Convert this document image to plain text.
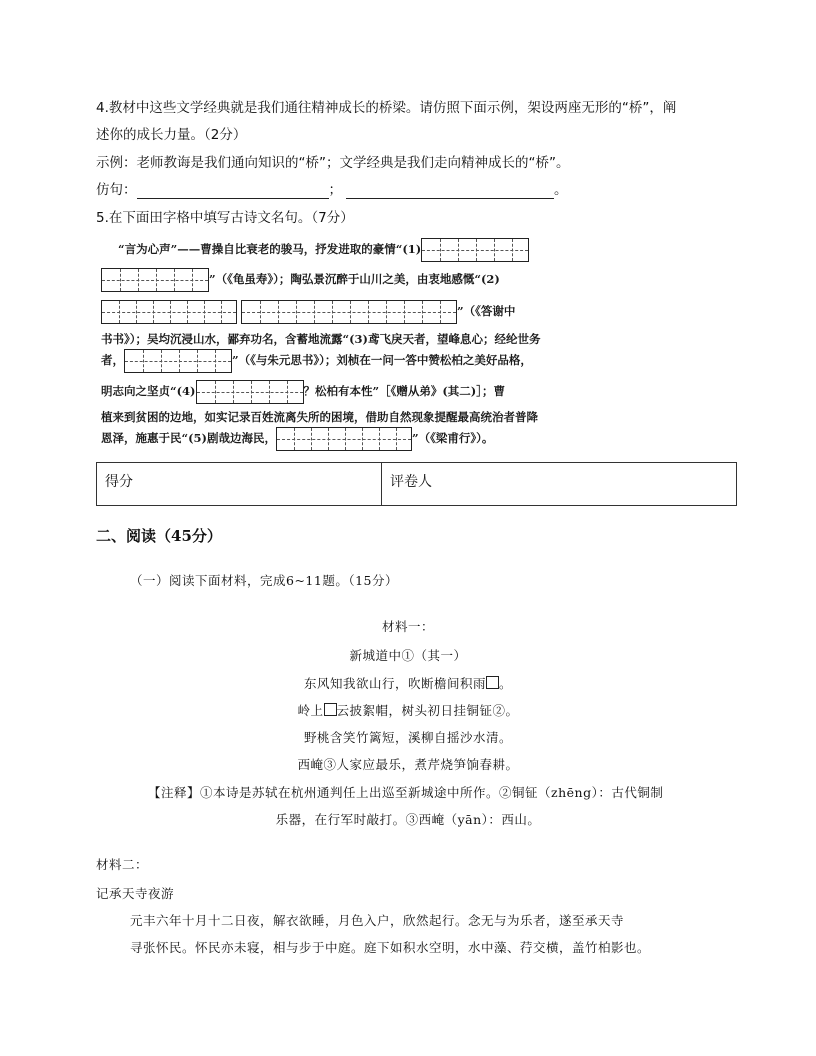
4.教材中这些文学经典就是我们通往精神成长的桥梁。请仿照下面示例，架设两座无形的“桥”，阐
述你的成长力量。（2分）
示例：老师教诲是我们通向知识的“桥”；文学经典是我们走向精神成长的“桥”。
仿句：	；	。
5.在下面田字格中填写古诗文名句。（7分）
“言为心声”——曹操自比衰老的骏马，抒发进取的豪情“(1)
”（《龟虽寿》）；陶弘景沉醉于山川之美，由衷地感慨“(2)
”（《答谢中
书书》）；吴均沉浸山水，鄙弃功名，含蓄地流露“(3)鸢飞戾天者，望峰息心；经纶世务
者，	”（《与朱元思书》）；刘桢在一问一答中赞松柏之美好品格，
明志向之坚贞“(4)	？松柏有本性”［《赠从弟》(其二)］；曹
植来到贫困的边地，如实记录百姓流离失所的困境，借助自然现象提醒最高统治者普降
恩泽，施惠于民“(5)剧哉边海民，	”（《梁甫行》）。
得分	评卷人
二、阅读（45分）
（一）阅读下面材料，完成6~11题。（15分）
材料一：
新城道中①（其一）
东风知我欲山行，吹断檐间积雨 。
岭上 云披絮帽，树头初日挂铜钲②。
野桃含笑竹篱短，溪柳自摇沙水清。
西崦③人家应最乐，煮芹烧笋饷春耕。
【注释】①本诗是苏轼在杭州通判任上出巡至新城途中所作。②铜钲（zhēng）：古代铜制
乐器，在行军时敲打。③西崦（yān）：西山。
材料二：
记承天寺夜游
元丰六年十月十二日夜，解衣欲睡，月色入户，欣然起行。念无与为乐者，遂至承天寺
寻张怀民。怀民亦未寝，相与步于中庭。庭下如积水空明，水中藻、荇交横，盖竹柏影也。
